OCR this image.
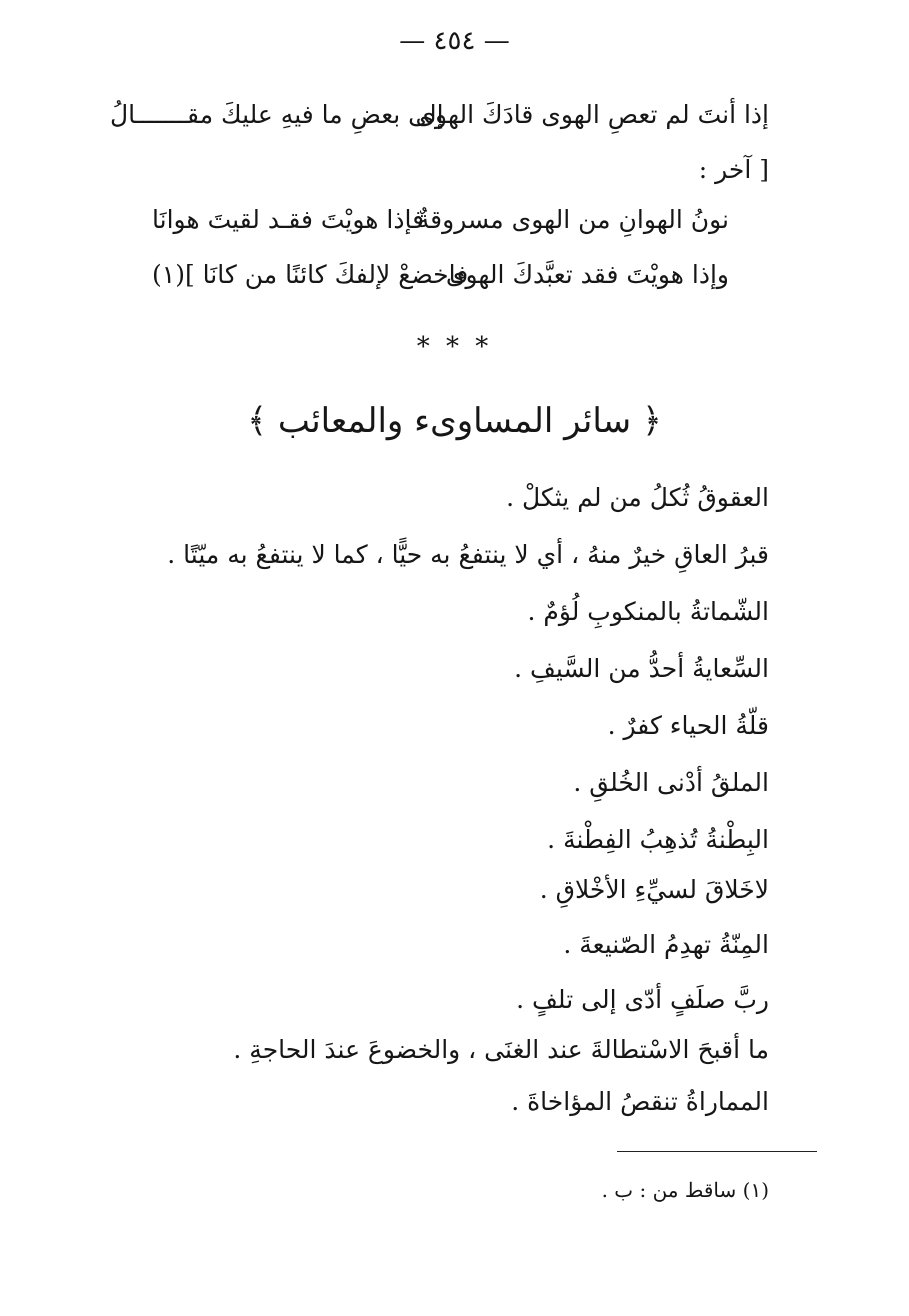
— ٤٥٤ —
إذا أنتَ لم تعصِ الهوى قادَكَ الهوى
إلى بعضِ ما فيهِ عليكَ مقـــــــالُ
[ آخر :
نونُ الهوانِ من الهوى مسروقةٌ
فإذا هويْتَ فقـد لقيتَ هوانَا
وإذا هويْتَ فقد تعبَّدكَ الهوى
فاخضعْ لإلفكَ كائنًا من كانَا ](١)
* * *
﴿ سائر المساوىء والمعائب ﴾
العقوقُ ثُكلُ من لم يثكلْ .
قبرُ العاقِ خيرٌ منهُ ، أي لا ينتفعُ به حيًّا ، كما لا ينتفعُ به ميّتًا .
الشّماتةُ بالمنكوبِ لُؤمٌ .
السِّعايةُ أحدُّ من السَّيفِ .
قلّةُ الحياء كفرٌ .
الملقُ أدْنى الخُلقِ .
البِطْنةُ تُذهِبُ الفِطْنةَ .
لاخَلاقَ لسيِّءِ الأخْلاقِ .
المِنّةُ تهدِمُ الصّنيعةَ .
ربَّ صلَفٍ أدّى إلى تلفٍ .
ما أقبحَ الاسْتطالةَ عند الغنَى ، والخضوعَ عندَ الحاجةِ .
المماراةُ تنقصُ المؤاخاةَ .
(١) ساقط من : ب .
